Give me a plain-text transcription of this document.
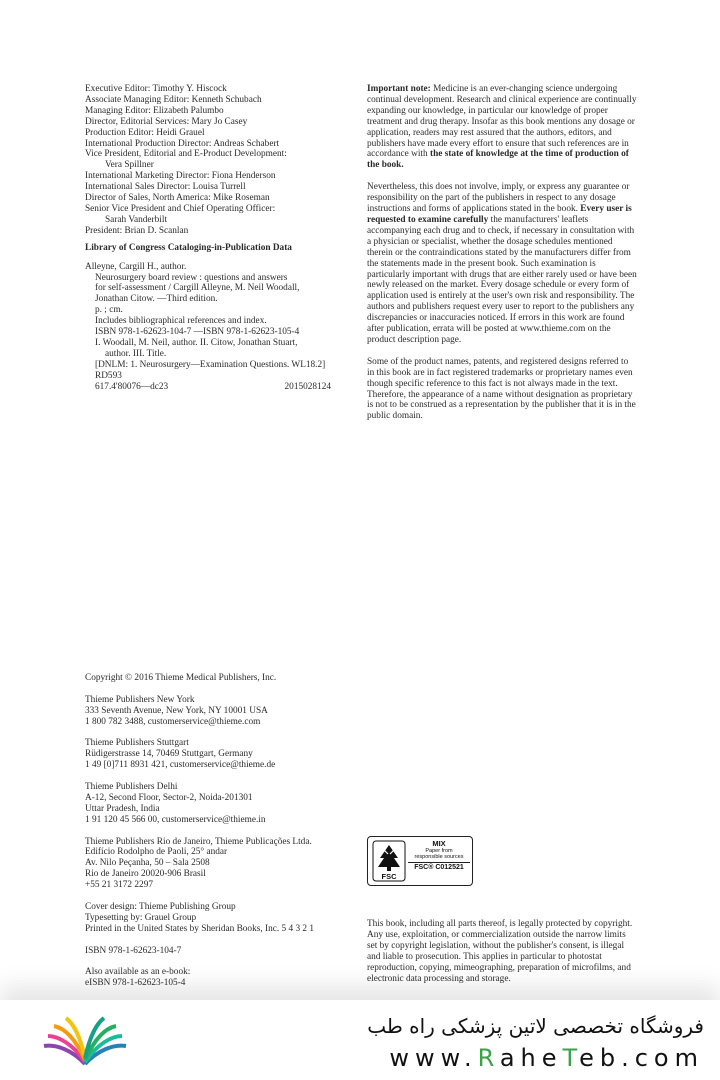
Executive Editor: Timothy Y. Hiscock
Associate Managing Editor: Kenneth Schubach
Managing Editor: Elizabeth Palumbo
Director, Editorial Services: Mary Jo Casey
Production Editor: Heidi Grauel
International Production Director: Andreas Schabert
Vice President, Editorial and E-Product Development:
Vera Spillner
International Marketing Director: Fiona Henderson
International Sales Director: Louisa Turrell
Director of Sales, North America: Mike Roseman
Senior Vice President and Chief Operating Officer:
Sarah Vanderbilt
President: Brian D. Scanlan
Library of Congress Cataloging-in-Publication Data
Alleyne, Cargill H., author.
Neurosurgery board review : questions and answers
for self-assessment / Cargill Alleyne, M. Neil Woodall,
Jonathan Citow. —Third edition.
p. ; cm.
Includes bibliographical references and index.
ISBN 978-1-62623-104-7 —ISBN 978-1-62623-105-4
I. Woodall, M. Neil, author. II. Citow, Jonathan Stuart,
author. III. Title.
[DNLM: 1. Neurosurgery—Examination Questions. WL18.2]
RD593
617.4'80076—dc23	2015028124
Copyright © 2016 Thieme Medical Publishers, Inc.
Thieme Publishers New York
333 Seventh Avenue, New York, NY 10001 USA
1 800 782 3488, customerservice@thieme.com
Thieme Publishers Stuttgart
Rüdigerstrasse 14, 70469 Stuttgart, Germany
1 49 [0]711 8931 421, customerservice@thieme.de
Thieme Publishers Delhi
A-12, Second Floor, Sector-2, Noida-201301
Uttar Pradesh, India
1 91 120 45 566 00, customerservice@thieme.in
Thieme Publishers Rio de Janeiro, Thieme Publicações Ltda.
Edifício Rodolpho de Paoli, 25° andar
Av. Nilo Peçanha, 50 – Sala 2508
Rio de Janeiro 20020-906 Brasil
+55 21 3172 2297
Cover design: Thieme Publishing Group
Typesetting by: Grauel Group
Printed in the United States by Sheridan Books, Inc. 5 4 3 2 1
ISBN 978-1-62623-104-7
Also available as an e-book:
eISBN 978-1-62623-105-4

Important note: Medicine is an ever-changing science undergoing continual development. Research and clinical experience are continually expanding our knowledge, in particular our knowledge of proper treatment and drug therapy. Insofar as this book mentions any dosage or application, readers may rest assured that the authors, editors, and publishers have made every effort to ensure that such references are in accordance with the state of knowledge at the time of production of the book.

Nevertheless, this does not involve, imply, or express any guarantee or responsibility on the part of the publishers in respect to any dosage instructions and forms of applications stated in the book. Every user is requested to examine carefully the manufacturers' leaflets accompanying each drug and to check, if necessary in consultation with a physician or specialist, whether the dosage schedules mentioned therein or the contraindications stated by the manufacturers differ from the statements made in the present book. Such examination is particularly important with drugs that are either rarely used or have been newly released on the market. Every dosage schedule or every form of application used is entirely at the user's own risk and responsibility. The authors and publishers request every user to report to the publishers any discrepancies or inaccuracies noticed. If errors in this work are found after publication, errata will be posted at www.thieme.com on the product description page.

Some of the product names, patents, and registered designs referred to in this book are in fact registered trademarks or proprietary names even though specific reference to this fact is not always made in the text. Therefore, the appearance of a name without designation as proprietary is not to be construed as a representation by the publisher that it is in the public domain.

FSC
MIX
Paper from
responsible sources
FSC® C012521

This book, including all parts thereof, is legally protected by copyright. Any use, exploitation, or commercialization outside the narrow limits set by copyright legislation, without the publisher's consent, is illegal and liable to prosecution. This applies in particular to photostat reproduction, copying, mimeographing, preparation of microfilms, and electronic data processing and storage.

فروشگاه تخصصی لاتین پزشکی راه طب
www.RaheTeb.com
